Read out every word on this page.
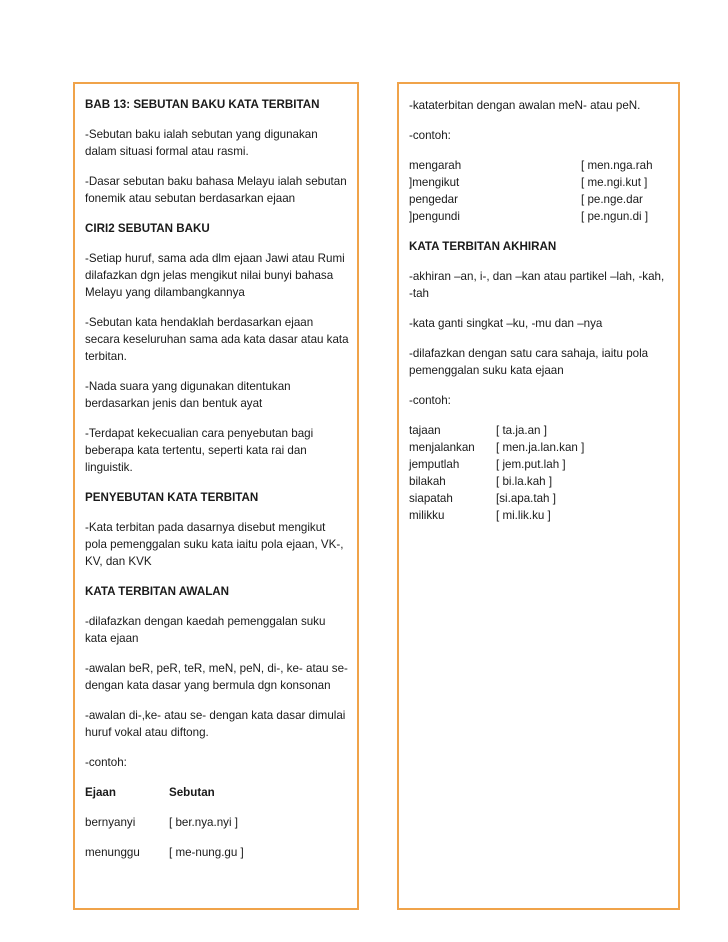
BAB 13: SEBUTAN BAKU KATA TERBITAN

-Sebutan baku ialah sebutan yang digunakan dalam situasi formal atau rasmi.

-Dasar sebutan baku bahasa Melayu ialah sebutan fonemik atau sebutan berdasarkan ejaan

CIRI2 SEBUTAN BAKU

-Setiap huruf, sama ada dlm ejaan Jawi atau Rumi dilafazkan dgn jelas mengikut nilai bunyi bahasa Melayu yang dilambangkannya

-Sebutan kata hendaklah berdasarkan ejaan secara keseluruhan sama ada kata dasar atau kata terbitan.

-Nada suara yang digunakan ditentukan berdasarkan jenis dan bentuk ayat

-Terdapat kekecualian cara penyebutan bagi beberapa kata tertentu, seperti kata rai dan linguistik.

PENYEBUTAN KATA TERBITAN

-Kata terbitan pada dasarnya disebut mengikut pola pemenggalan suku kata iaitu pola ejaan, VK-, KV, dan KVK

KATA TERBITAN AWALAN

-dilafazkan dengan kaedah pemenggalan suku kata ejaan

-awalan beR, peR, teR, meN, peN, di-, ke- atau se- dengan kata dasar yang bermula dgn konsonan

-awalan di-,ke- atau se- dengan kata dasar dimulai huruf vokal atau diftong.

-contoh:

Ejaan	Sebutan
bernyanyi	[ ber.nya.nyi ]
menunggu	[ me-nung.gu ]

-kataterbitan dengan awalan meN- atau peN.

-contoh:

mengarah	[ men.nga.rah
]mengikut	[ me.ngi.kut ]
pengedar	[ pe.nge.dar
]pengundi	[ pe.ngun.di ]

KATA TERBITAN AKHIRAN

-akhiran –an, i-, dan –kan atau partikel –lah, -kah, -tah

-kata ganti singkat –ku, -mu dan –nya

-dilafazkan dengan satu cara sahaja, iaitu pola pemenggalan suku kata ejaan

-contoh:

tajaan	[ ta.ja.an ]
menjalankan	[ men.ja.lan.kan ]
jemputlah	[ jem.put.lah ]
bilakah	[ bi.la.kah ]
siapatah	[si.apa.tah ]
milikku	[ mi.lik.ku ]
